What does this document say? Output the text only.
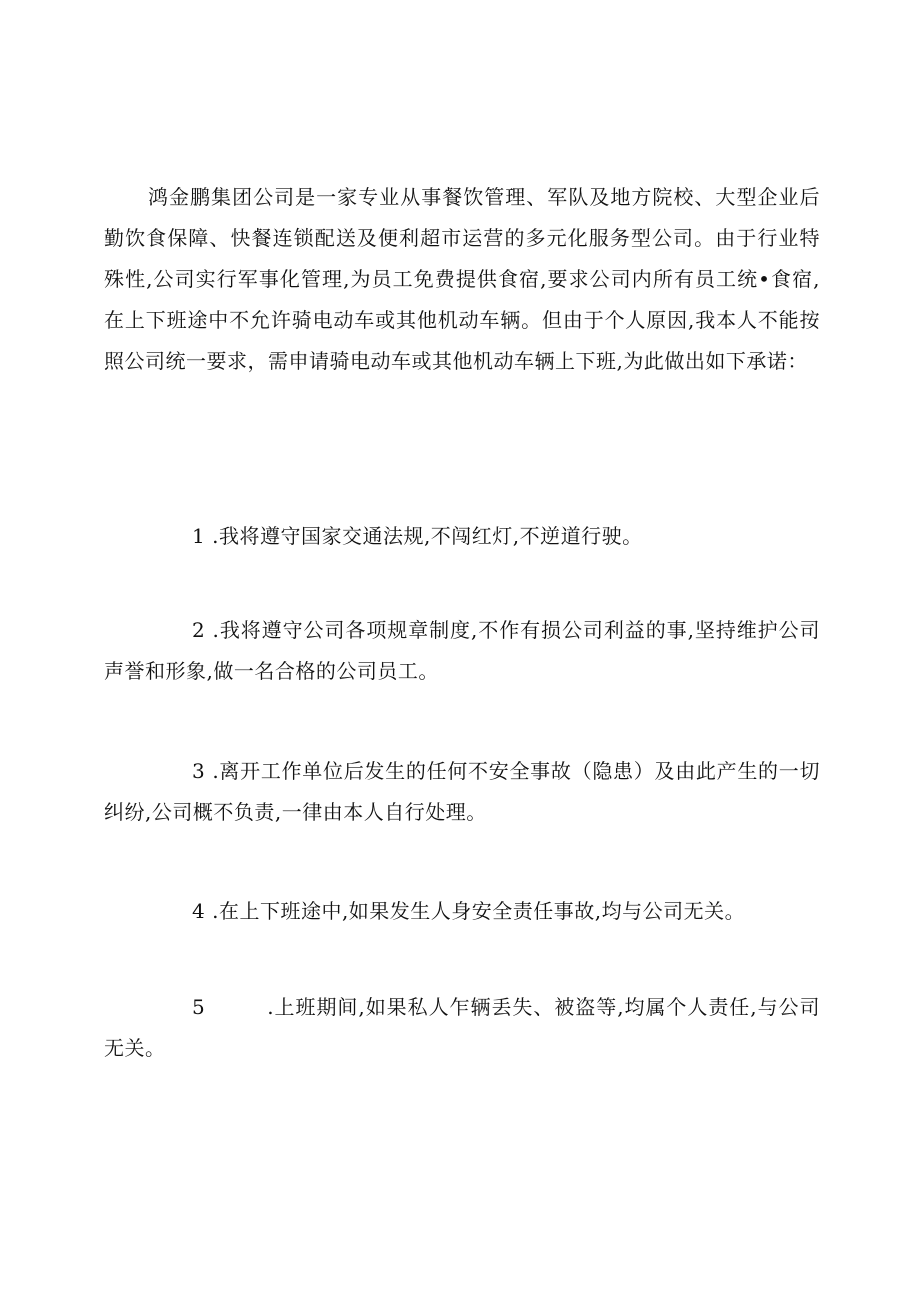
鸿金鹏集团公司是一家专业从事餐饮管理、军队及地方院校、大型企业后勤饮食保障、快餐连锁配送及便利超市运营的多元化服务型公司。由于行业特殊性,公司实行军事化管理,为员工免费提供食宿,要求公司内所有员工统•食宿,在上下班途中不允许骑电动车或其他机动车辆。但由于个人原因,我本人不能按照公司统一要求，需申请骑电动车或其他机动车辆上下班,为此做出如下承诺：

1 .我将遵守国家交通法规,不闯红灯,不逆道行驶。

2 .我将遵守公司各项规章制度,不作有损公司利益的事,坚持维护公司声誉和形象,做一名合格的公司员工。

3 .离开工作单位后发生的任何不安全事故（隐患）及由此产生的一切纠纷,公司概不负责,一律由本人自行处理。

4 .在上下班途中,如果发生人身安全责任事故,均与公司无关。

5	.上班期间,如果私人乍辆丢失、被盗等,均属个人责任,与公司无关。
